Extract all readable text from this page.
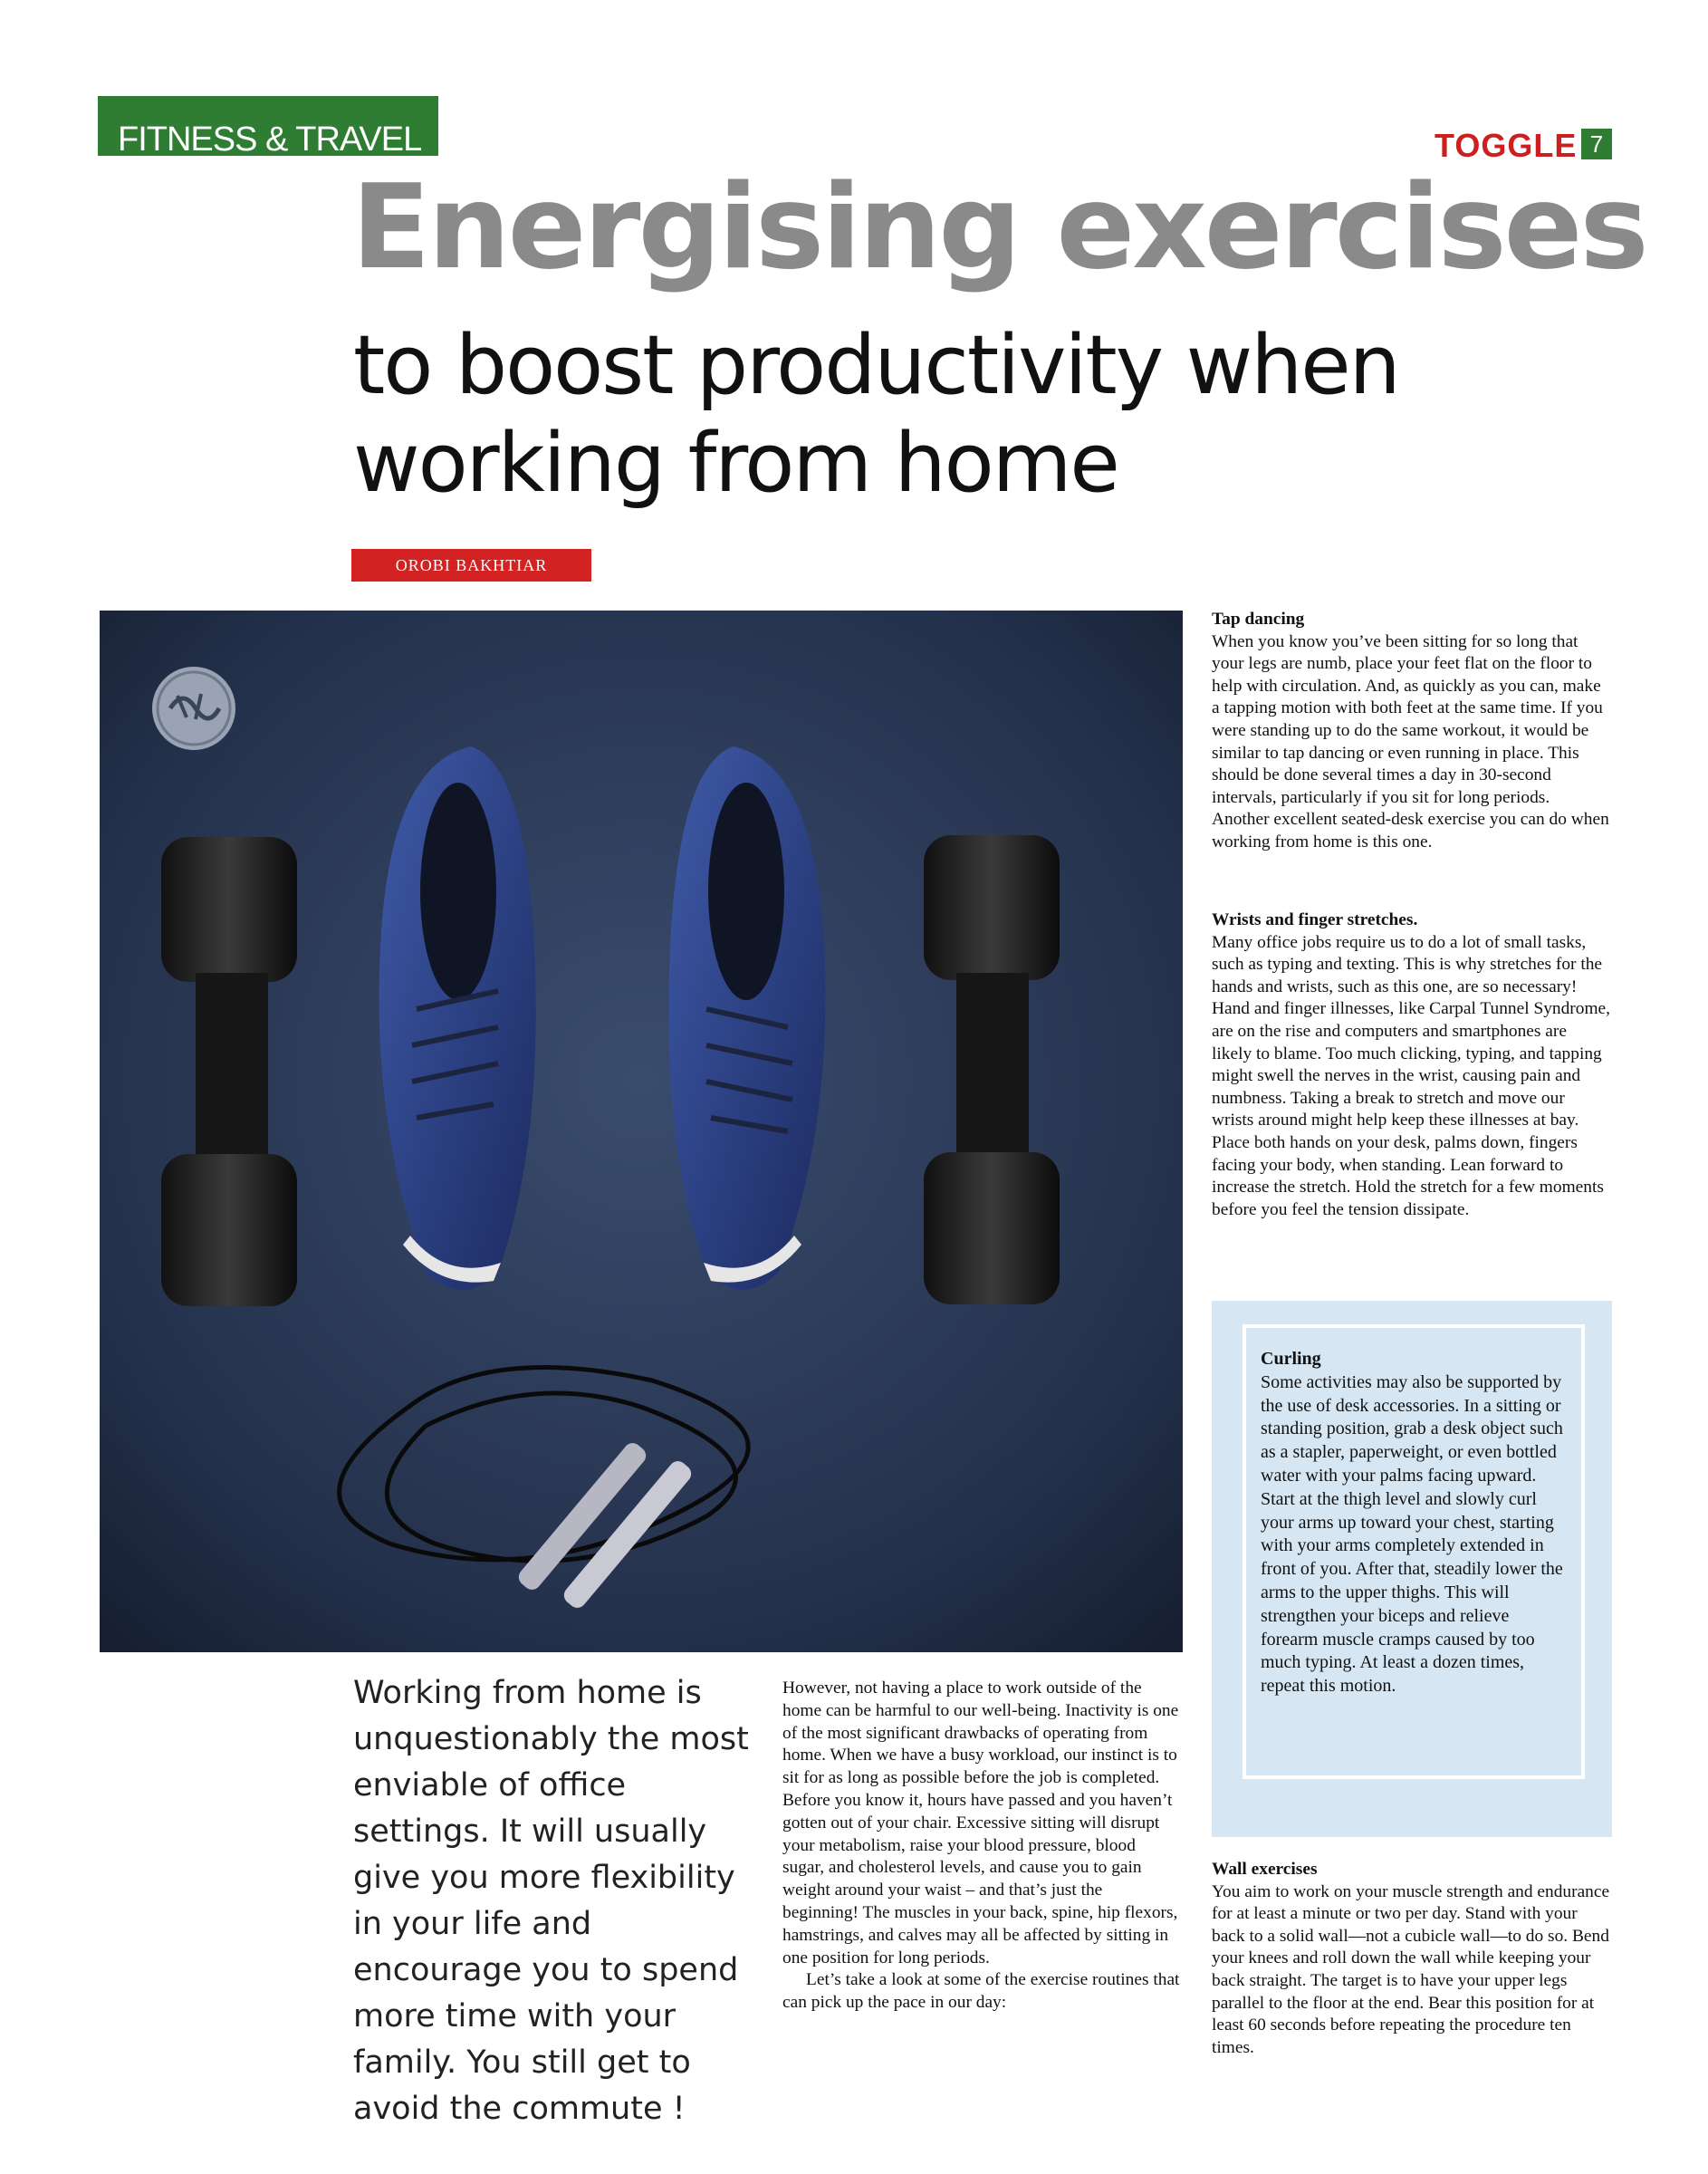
FITNESS & TRAVEL	TOGGLE 7
Energising exercises
to boost productivity when working from home
OROBI BAKHTIAR
Tap dancing

When you know you’ve been sitting for so long that your legs are numb, place your feet flat on the floor to help with circulation. And, as quickly as you can, make a tapping motion with both feet at the same time. If you were standing up to do the same workout, it would be similar to tap dancing or even running in place. This should be done several times a day in 30-second intervals, particularly if you sit for long periods. Another excellent seated-desk exercise you can do when working from home is this one.

Wrists and finger stretches.

Many office jobs require us to do a lot of small tasks, such as typing and texting. This is why stretches for the hands and wrists, such as this one, are so necessary! Hand and finger illnesses, like Carpal Tunnel Syndrome, are on the rise and computers and smartphones are likely to blame. Too much clicking, typing, and tapping might swell the nerves in the wrist, causing pain and numbness. Taking a break to stretch and move our wrists around might help keep these illnesses at bay. Place both hands on your desk, palms down, fingers facing your body, when standing. Lean forward to increase the stretch. Hold the stretch for a few moments before you feel the tension dissipate.

Curling

Some activities may also be supported by the use of desk accessories. In a sitting or standing position, grab a desk object such as a stapler, paperweight, or even bottled water with your palms facing upward. Start at the thigh level and slowly curl your arms up toward your chest, starting with your arms completely extended in front of you. After that, steadily lower the arms to the upper thighs. This will strengthen your biceps and relieve forearm muscle cramps caused by too much typing. At least a dozen times, repeat this motion.

Wall exercises

You aim to work on your muscle strength and endurance for at least a minute or two per day. Stand with your back to a solid wall—not a cubicle wall—to do so. Bend your knees and roll down the wall while keeping your back straight. The target is to have your upper legs parallel to the floor at the end. Bear this position for at least 60 seconds before repeating the procedure ten times.

Working from home is unquestionably the most enviable of office settings. It will usually give you more flexibility in your life and encourage you to spend more time with your family. You still get to avoid the commute !

However, not having a place to work outside of the home can be harmful to our well-being. Inactivity is one of the most significant drawbacks of operating from home. When we have a busy workload, our instinct is to sit for as long as possible before the job is completed. Before you know it, hours have passed and you haven’t gotten out of your chair. Excessive sitting will disrupt your metabolism, raise your blood pressure, blood sugar, and cholesterol levels, and cause you to gain weight around your waist – and that’s just the beginning! The muscles in your back, spine, hip flexors, hamstrings, and calves may all be affected by sitting in one position for long periods.

Let’s take a look at some of the exercise routines that can pick up the pace in our day:
